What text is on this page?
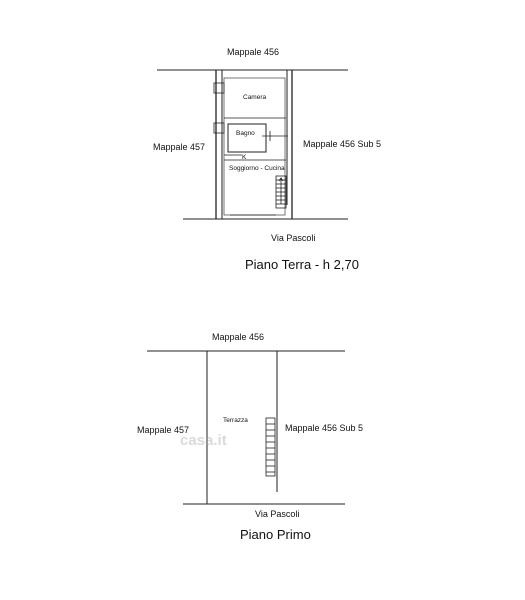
Mappale 456
Mappale 457	Mappale 456 Sub 5
Camera
Bagno
K
Soggiorno - Cucina
Via Pascoli
Piano Terra - h 2,70
Mappale 456
Mappale 457	Mappale 456 Sub 5
Terrazza
Via Pascoli
Piano Primo
casa.it
